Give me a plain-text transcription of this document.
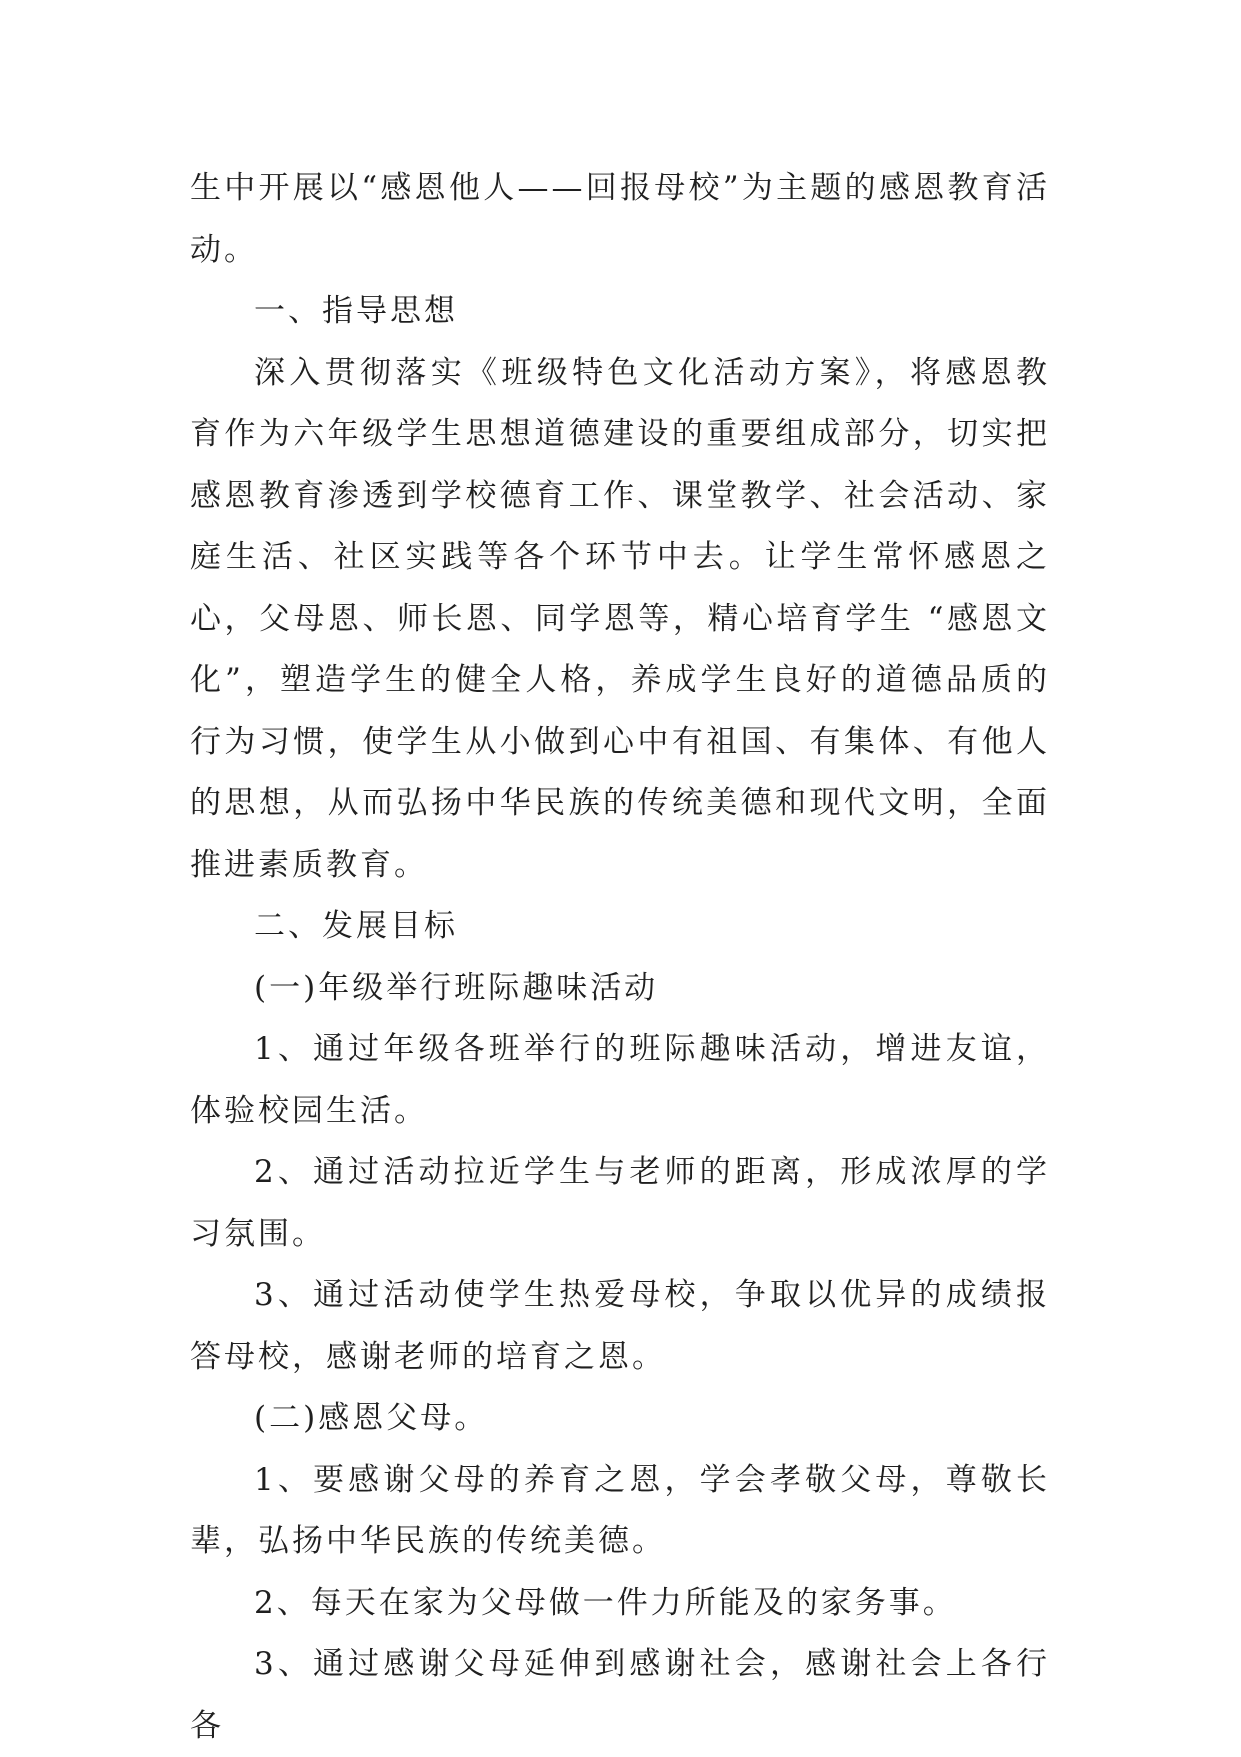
生中开展以“感恩他人——回报母校”为主题的感恩教育活动。

一、指导思想

深入贯彻落实《班级特色文化活动方案》，将感恩教育作为六年级学生思想道德建设的重要组成部分，切实把感恩教育渗透到学校德育工作、课堂教学、社会活动、家庭生活、社区实践等各个环节中去。让学生常怀感恩之心，父母恩、师长恩、同学恩等，精心培育学生 “感恩文化”，塑造学生的健全人格，养成学生良好的道德品质的行为习惯，使学生从小做到心中有祖国、有集体、有他人的思想，从而弘扬中华民族的传统美德和现代文明，全面推进素质教育。

二、发展目标

(一)年级举行班际趣味活动

1、通过年级各班举行的班际趣味活动，增进友谊，体验校园生活。

2、通过活动拉近学生与老师的距离，形成浓厚的学习氛围。

3、通过活动使学生热爱母校，争取以优异的成绩报答母校，感谢老师的培育之恩。

(二)感恩父母。

1、要感谢父母的养育之恩，学会孝敬父母，尊敬长辈，弘扬中华民族的传统美德。

2、每天在家为父母做一件力所能及的家务事。

3、通过感谢父母延伸到感谢社会，感谢社会上各行各
